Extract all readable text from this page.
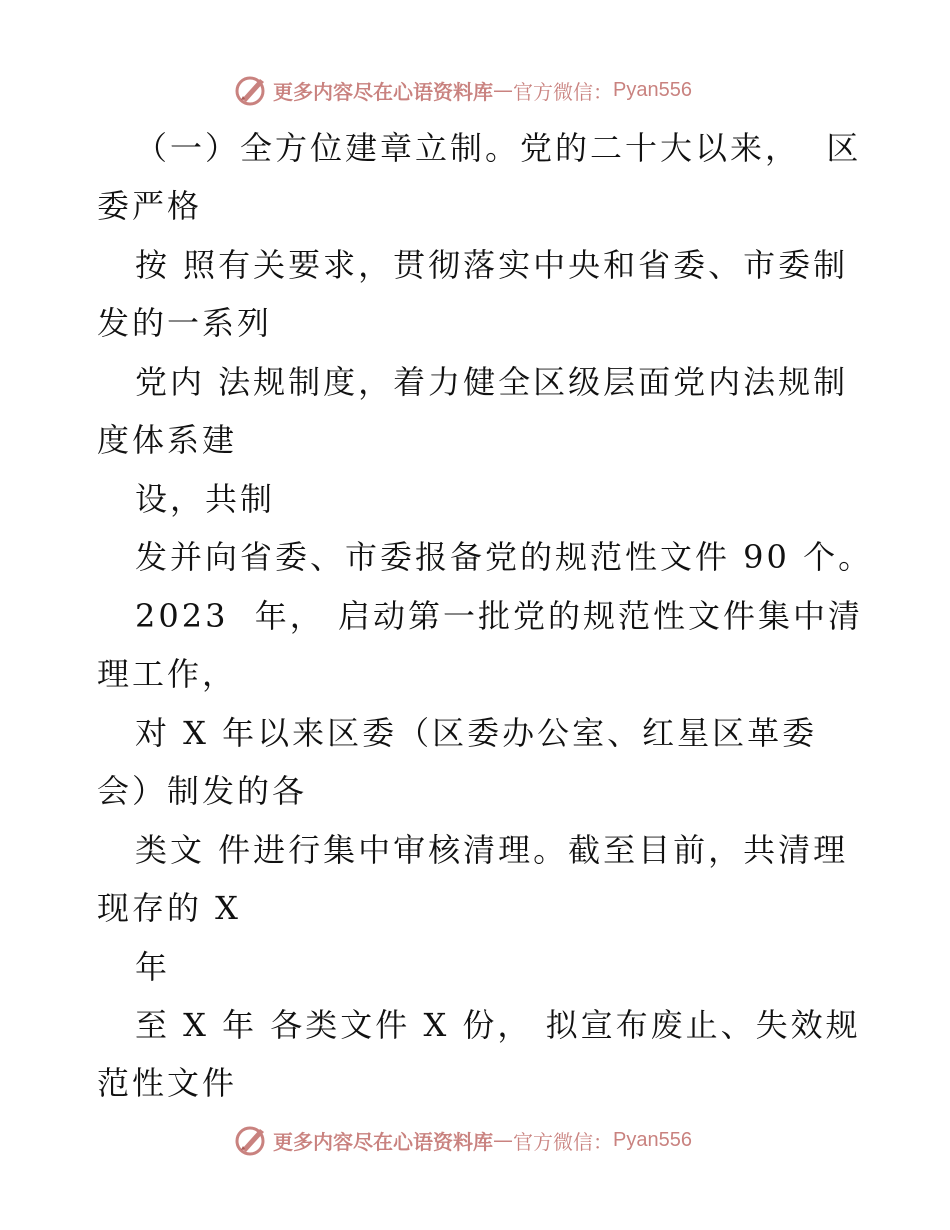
更多内容尽在心语资料库 — 官方微信： Pyan556
（一）全方位建章立制。党的二十大以来，  区
委严格
按 照有关要求，贯彻落实中央和省委、市委制
发的一系列
党内 法规制度，着力健全区级层面党内法规制
度体系建
设，共制
发并向省委、市委报备党的规范性文件 90 个。
2023  年， 启动第一批党的规范性文件集中清
理工作，
对 X 年以来区委（区委办公室、红星区革委
会）制发的各
类文 件进行集中审核清理。截至目前，共清理
现存的 X
年
至 X 年 各类文件 X 份， 拟宣布废止、失效规
范性文件
更多内容尽在心语资料库 — 官方微信： Pyan556
